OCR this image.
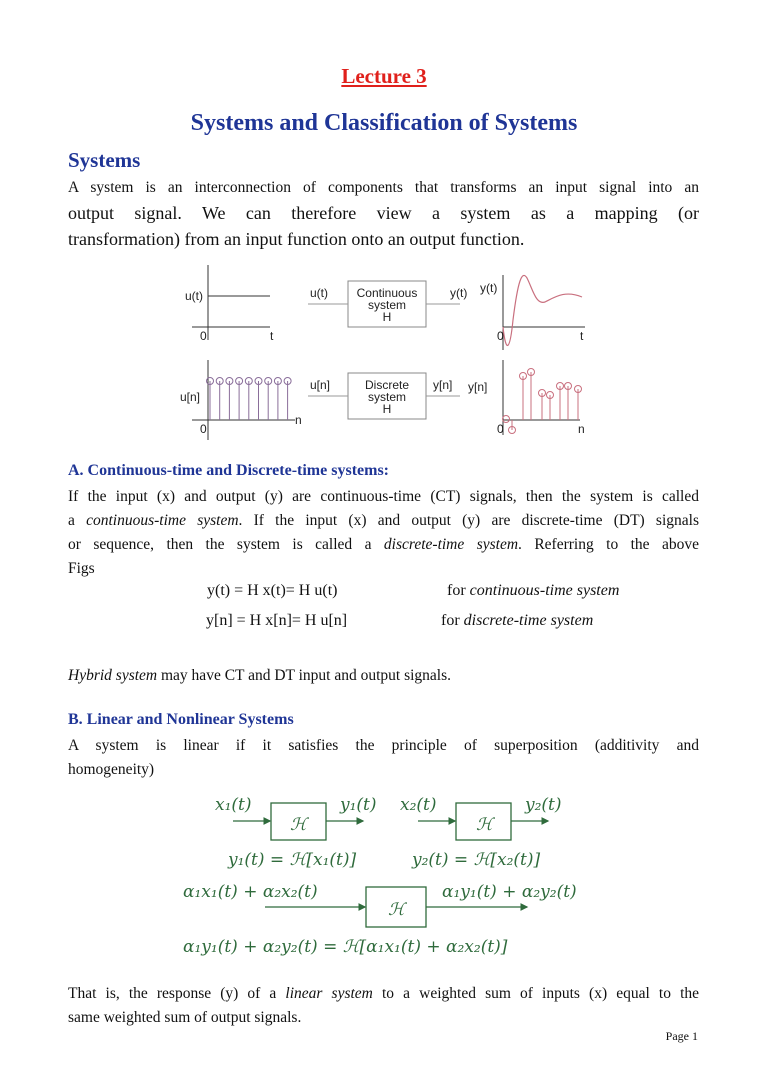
Lecture 3
Systems and Classification of Systems
Systems
A system is an interconnection of components that transforms an input signal into an
output signal. We can therefore view a system as a mapping (or
transformation) from an input function onto an output function.
u(t)
0	t
u[n]
0
n
u(t) Continuous
system
H
y(t)
u[n]	Discrete
system
H
y[n]
y(t)
0	t
y[n]
0	n
A. Continuous-time and Discrete-time systems:
If the input (x) and output (y) are continuous-time (CT) signals, then the system is called
a continuous-time system. If the input (x) and output (y) are discrete-time (DT) signals
or sequence, then the system is called a discrete-time system. Referring to the above
Figs
y(t) = H x(t)= H u(t)	for continuous-time system
y[n] = H x[n]= H u[n]	for discrete-time system
Hybrid system may have CT and DT input and output signals.
B. Linear and Nonlinear Systems
A system is linear if it satisfies the principle of superposition (additivity and
homogeneity)
x₁(t)
ℋ
y₁(t) x₂(t)
ℋ
y₂(t)
y₁(t) = ℋ[x₁(t)]	y₂(t) = ℋ[x₂(t)]
α₁x₁(t) + α₂x₂(t)
ℋ
α₁y₁(t) + α₂y₂(t)
α₁y₁(t) + α₂y₂(t) = ℋ[α₁x₁(t) + α₂x₂(t)]
That is, the response (y) of a linear system to a weighted sum of inputs (x) equal to the
same weighted sum of output signals.
Page 1
